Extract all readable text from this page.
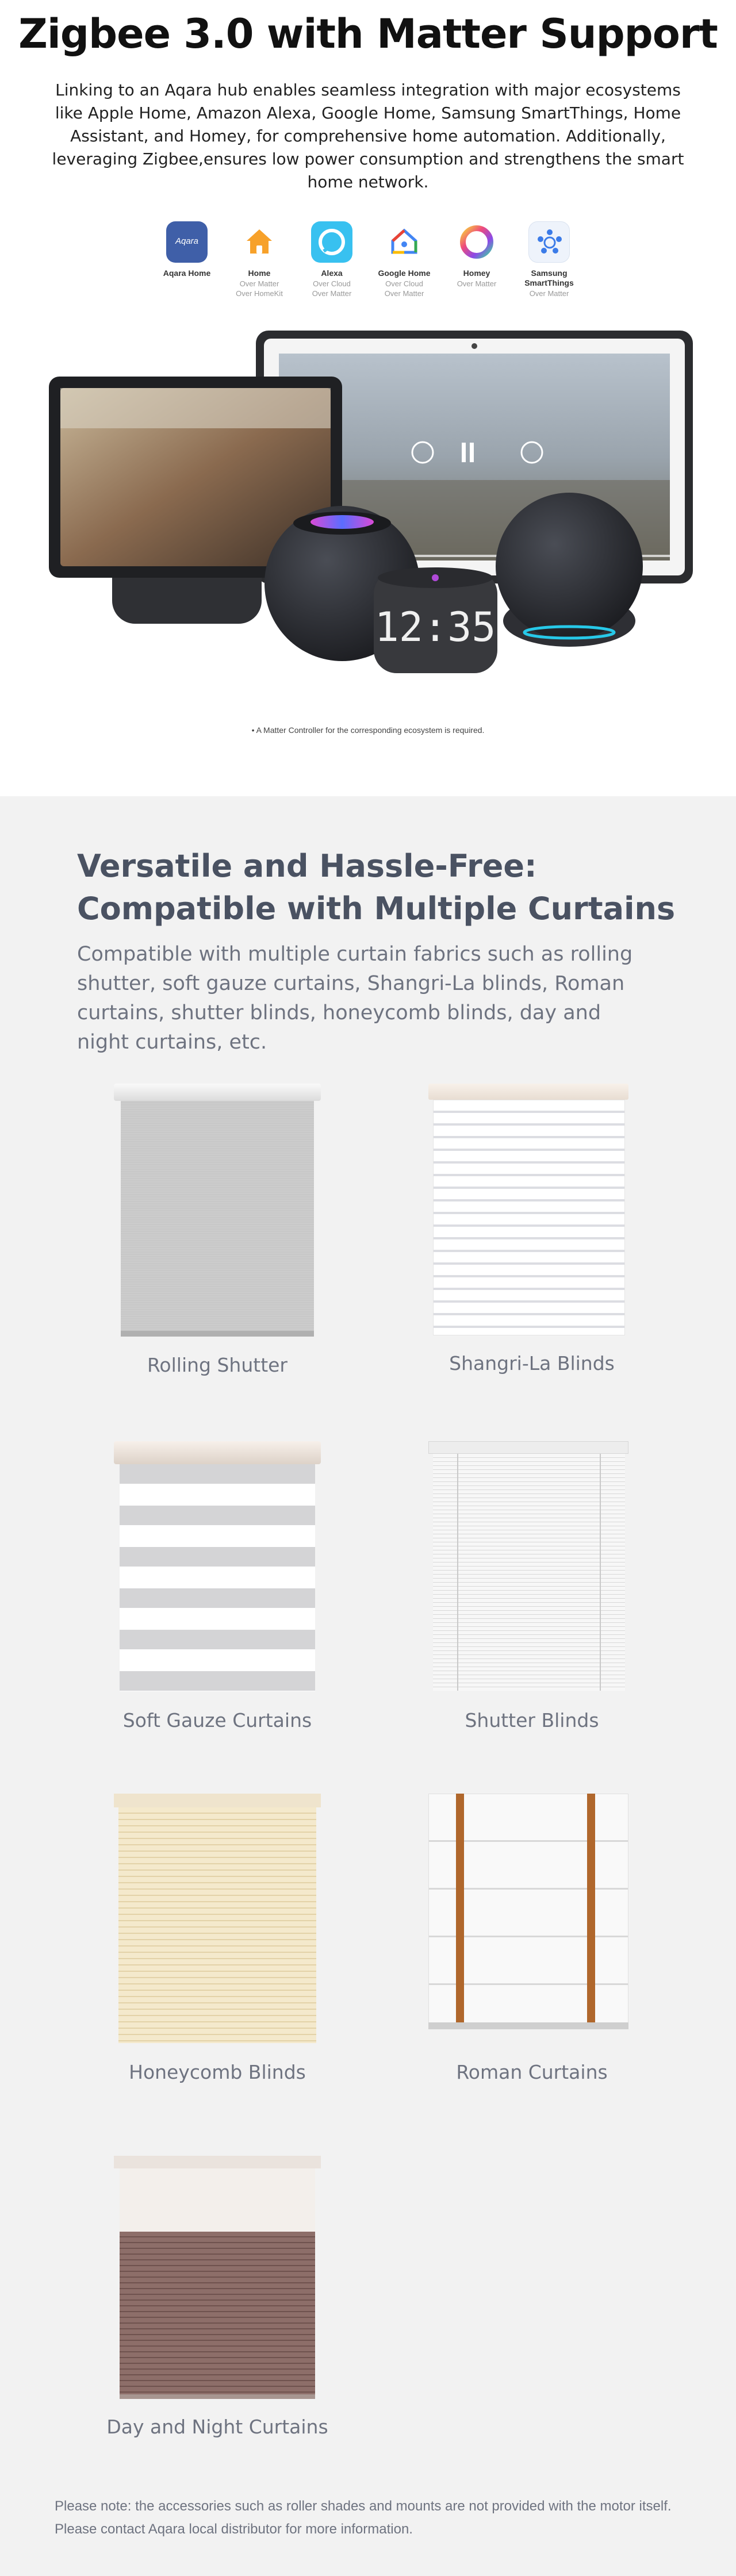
Zigbee 3.0 with Matter Support

Linking to an Aqara hub enables seamless integration with major ecosystems like Apple Home, Amazon Alexa, Google Home, Samsung SmartThings, Home Assistant, and Homey, for comprehensive home automation. Additionally, leveraging Zigbee,ensures low power consumption and strengthens the smart home network.

Aqara
Aqara Home	Home
Over Matter
Over HomeKit
Alexa
Over Cloud
Over Matter
Google Home
Over Cloud
Over Matter
Homey
Over Matter
Samsung SmartThings
Over Matter
12:35

• A Matter Controller for the corresponding ecosystem is required.

Versatile and Hassle-Free:
Compatible with Multiple Curtains

Compatible with multiple curtain fabrics such as rolling shutter, soft gauze curtains, Shangri-La blinds, Roman curtains, shutter blinds, honeycomb blinds, day and night curtains, etc.

Rolling Shutter	Shangri-La Blinds
Soft Gauze Curtains	Shutter Blinds
Honeycomb Blinds	Roman Curtains
Day and Night Curtains
Please note: the accessories such as roller shades and mounts are not provided with the motor itself.
Please contact Aqara local distributor for more information.
